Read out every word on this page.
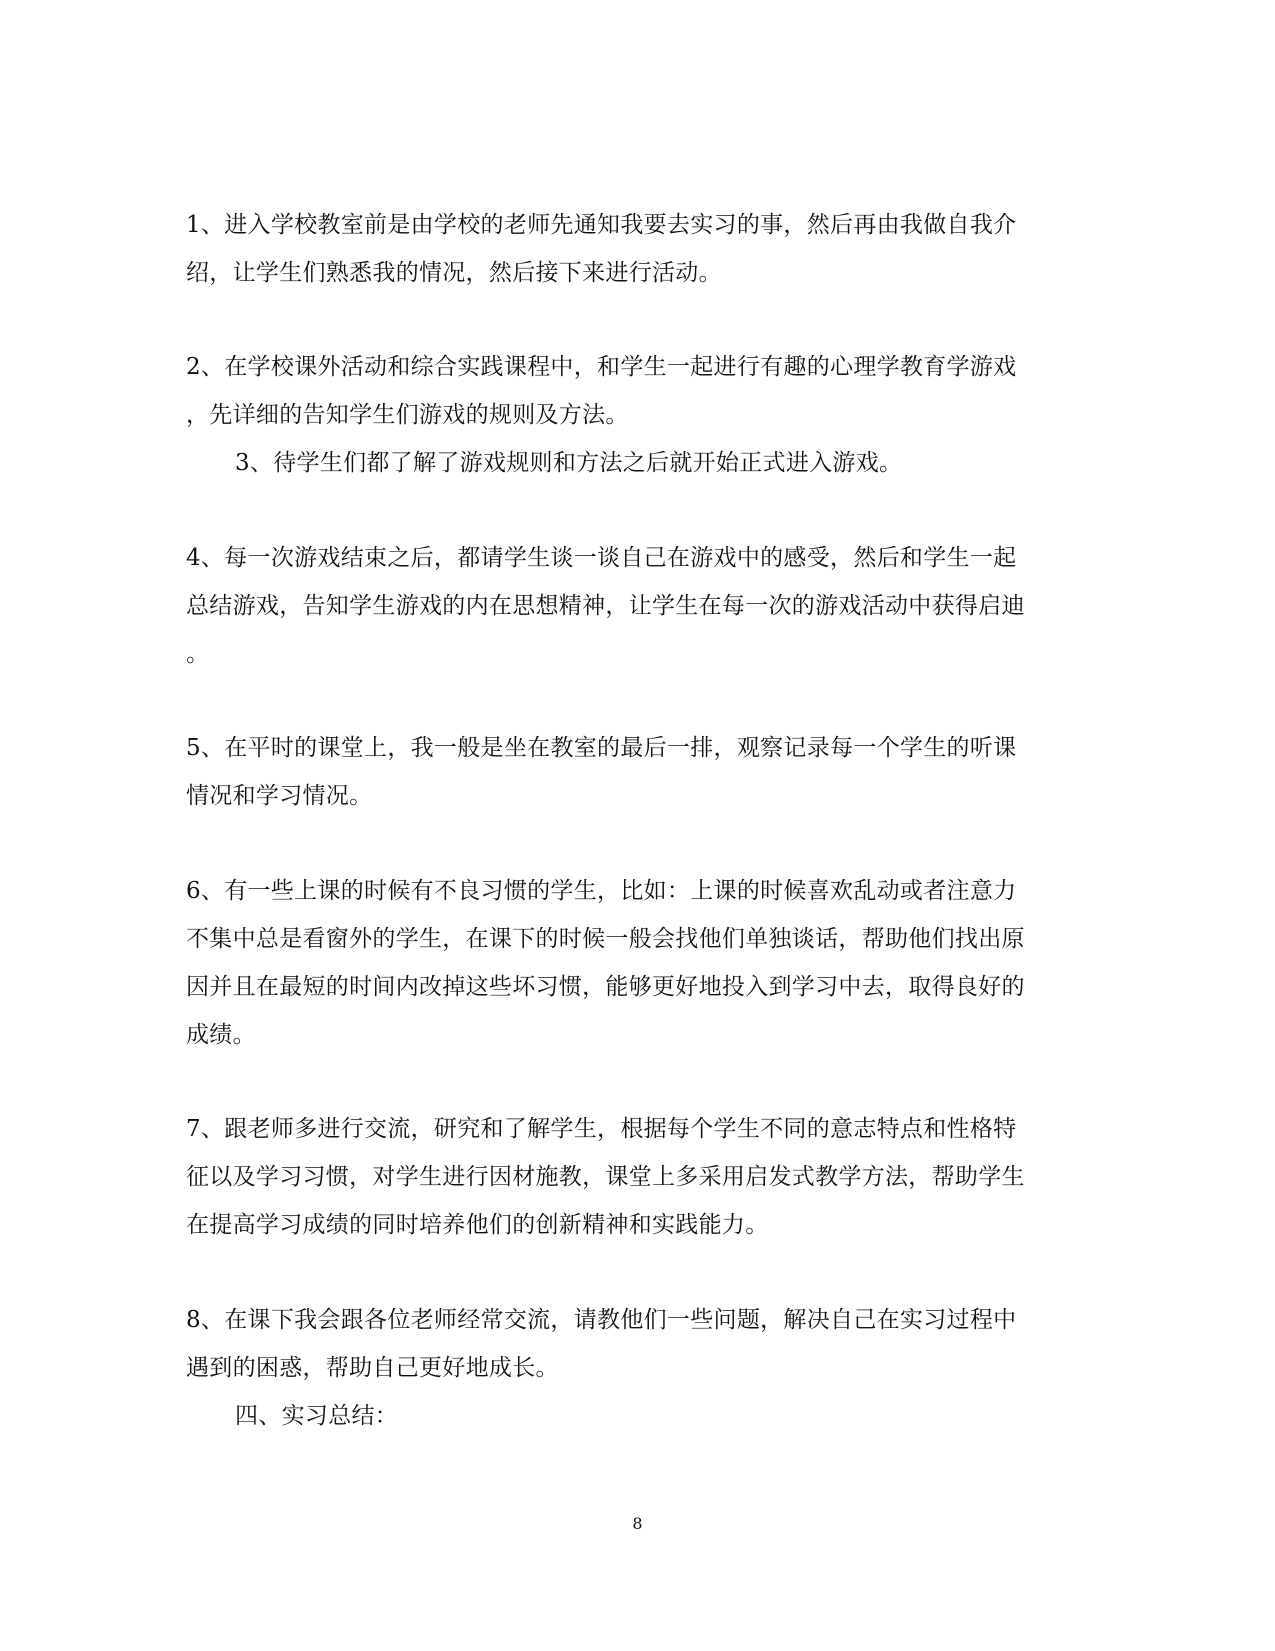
1、进入学校教室前是由学校的老师先通知我要去实习的事，然后再由我做自我介
绍，让学生们熟悉我的情况，然后接下来进行活动。
2、在学校课外活动和综合实践课程中，和学生一起进行有趣的心理学教育学游戏
，先详细的告知学生们游戏的规则及方法。
3、待学生们都了解了游戏规则和方法之后就开始正式进入游戏。
4、每一次游戏结束之后，都请学生谈一谈自己在游戏中的感受，然后和学生一起
总结游戏，告知学生游戏的内在思想精神，让学生在每一次的游戏活动中获得启迪
。
5、在平时的课堂上，我一般是坐在教室的最后一排，观察记录每一个学生的听课
情况和学习情况。
6、有一些上课的时候有不良习惯的学生，比如：上课的时候喜欢乱动或者注意力
不集中总是看窗外的学生，在课下的时候一般会找他们单独谈话，帮助他们找出原
因并且在最短的时间内改掉这些坏习惯，能够更好地投入到学习中去，取得良好的
成绩。
7、跟老师多进行交流，研究和了解学生，根据每个学生不同的意志特点和性格特
征以及学习习惯，对学生进行因材施教，课堂上多采用启发式教学方法，帮助学生
在提高学习成绩的同时培养他们的创新精神和实践能力。
8、在课下我会跟各位老师经常交流，请教他们一些问题，解决自己在实习过程中
遇到的困惑，帮助自己更好地成长。
四、实习总结：
8
